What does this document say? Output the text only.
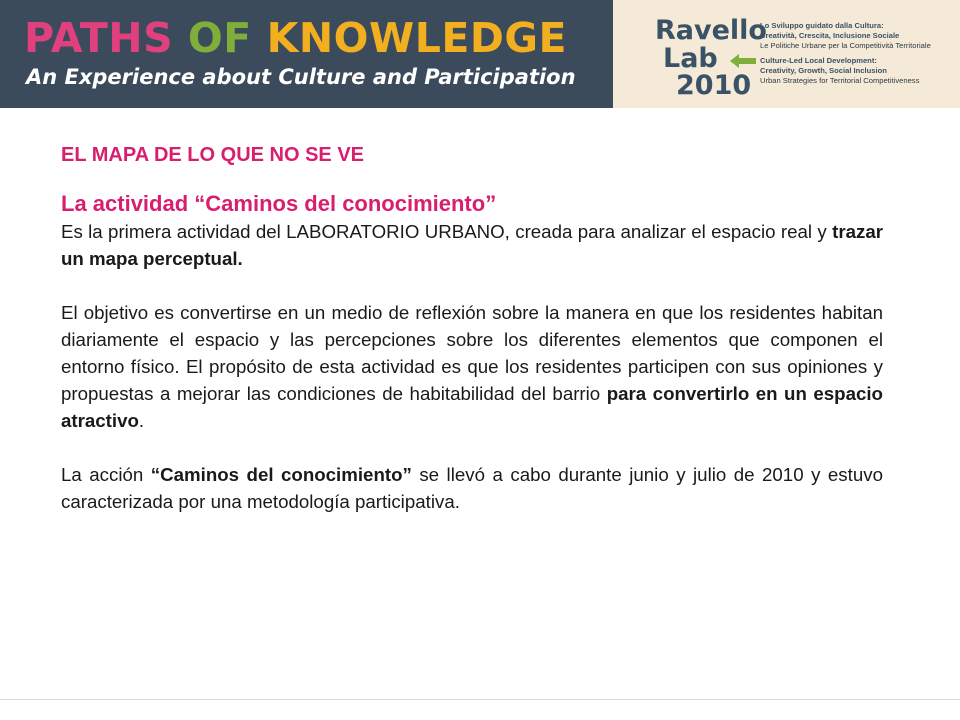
PATHS OF KNOWLEDGE

An Experience about Culture and Participation

Ravello
Lab
2010
Lo Sviluppo guidato dalla Cultura:
Creatività, Crescita, Inclusione Sociale
Le Politiche Urbane per la Competitività Territoriale
Culture-Led Local Development:
Creativity, Growth, Social Inclusion
Urban Strategies for Territorial Competitiveness
EL MAPA DE LO QUE NO SE VE
La actividad “Caminos del conocimiento”

Es la primera actividad del LABORATORIO URBANO, creada para analizar el espacio real y trazar un mapa perceptual.

El objetivo es convertirse en un medio de reflexión sobre la manera en que los residentes habitan diariamente el espacio y las percepciones sobre los diferentes elementos que componen el entorno físico. El propósito de esta actividad es que los residentes participen con sus opiniones y propuestas a mejorar las condiciones de habitabilidad del barrio para convertirlo en un espacio atractivo.

La acción “Caminos del conocimiento” se llevó a cabo durante junio y julio de 2010 y estuvo caracterizada por una metodología participativa.
